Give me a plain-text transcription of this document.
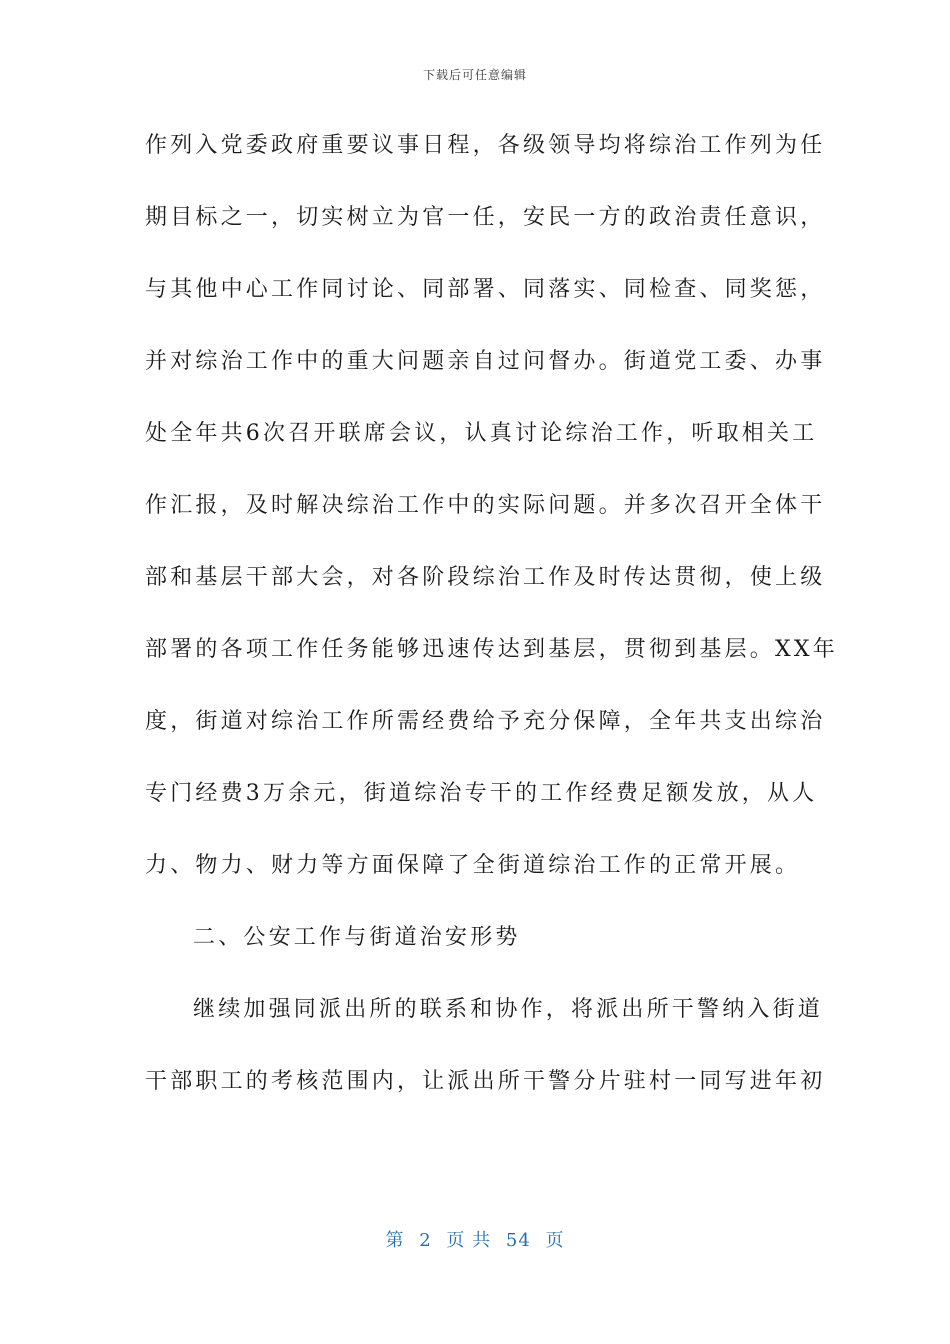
下载后可任意编辑
作列入党委政府重要议事日程，各级领导均将综治工作列为任
期目标之一，切实树立为官一任，安民一方的政治责任意识，
与其他中心工作同讨论、同部署、同落实、同检查、同奖惩，
并对综治工作中的重大问题亲自过问督办。街道党工委、办事
处全年共6次召开联席会议，认真讨论综治工作，听取相关工
作汇报，及时解决综治工作中的实际问题。并多次召开全体干
部和基层干部大会，对各阶段综治工作及时传达贯彻，使上级
部署的各项工作任务能够迅速传达到基层，贯彻到基层。XX年
度，街道对综治工作所需经费给予充分保障，全年共支出综治
专门经费3万余元，街道综治专干的工作经费足额发放，从人
力、物力、财力等方面保障了全街道综治工作的正常开展。
二、公安工作与街道治安形势
继续加强同派出所的联系和协作，将派出所干警纳入街道
干部职工的考核范围内，让派出所干警分片驻村一同写进年初
第 2 页 共 54 页
